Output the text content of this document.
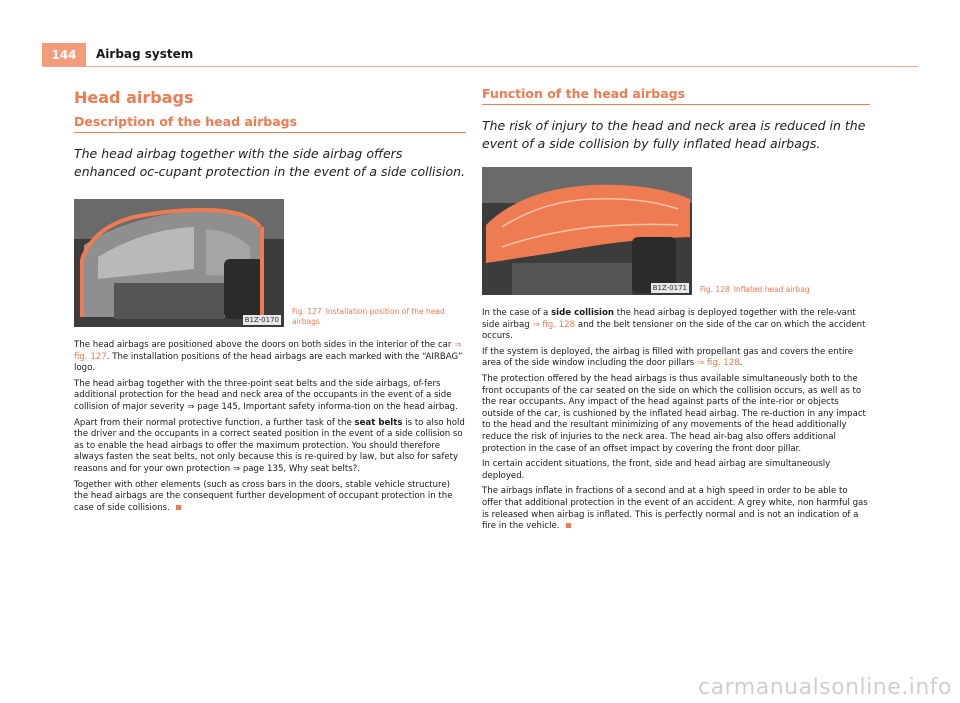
144	Airbag system
Head airbags
Description of the head airbags
The head airbag together with the side airbag offers enhanced oc-cupant protection in the event of a side collision.
B1Z-0170
Fig. 127 Installation position of the head airbags

The head airbags are positioned above the doors on both sides in the interior of the car ⇒ fig. 127. The installation positions of the head airbags are each marked with the “AIRBAG” logo.

The head airbag together with the three-point seat belts and the side airbags, of-fers additional protection for the head and neck area of the occupants in the event of a side collision of major severity ⇒ page 145, Important safety informa-tion on the head airbag.

Apart from their normal protective function, a further task of the seat belts is to also hold the driver and the occupants in a correct seated position in the event of a side collision so as to enable the head airbags to offer the maximum protection. You should therefore always fasten the seat belts, not only because this is re-quired by law, but also for safety reasons and for your own protection ⇒ page 135, Why seat belts?.

Together with other elements (such as cross bars in the doors, stable vehicle structure) the head airbags are the consequent further development of occupant protection in the case of side collisions.

Function of the head airbags
The risk of injury to the head and neck area is reduced in the event of a side collision by fully inflated head airbags.
B1Z-0171 Fig. 128 Inflated head airbag

In the case of a side collision the head airbag is deployed together with the rele-vant side airbag ⇒ fig. 128 and the belt tensioner on the side of the car on which the accident occurs.

If the system is deployed, the airbag is filled with propellant gas and covers the entire area of the side window including the door pillars ⇒ fig. 128.

The protection offered by the head airbags is thus available simultaneously both to the front occupants of the car seated on the side on which the collision occurs, as well as to the rear occupants. Any impact of the head against parts of the inte-rior or objects outside of the car, is cushioned by the inflated head airbag. The re-duction in any impact to the head and the resultant minimizing of any movements of the head additionally reduce the risk of injuries to the neck area. The head air-bag also offers additional protection in the case of an offset impact by covering the front door pillar.

In certain accident situations, the front, side and head airbag are simultaneously deployed.

The airbags inflate in fractions of a second and at a high speed in order to be able to offer that additional protection in the event of an accident. A grey white, non harmful gas is released when airbag is inflated. This is perfectly normal and is not an indication of a fire in the vehicle.

carmanualsonline.info
